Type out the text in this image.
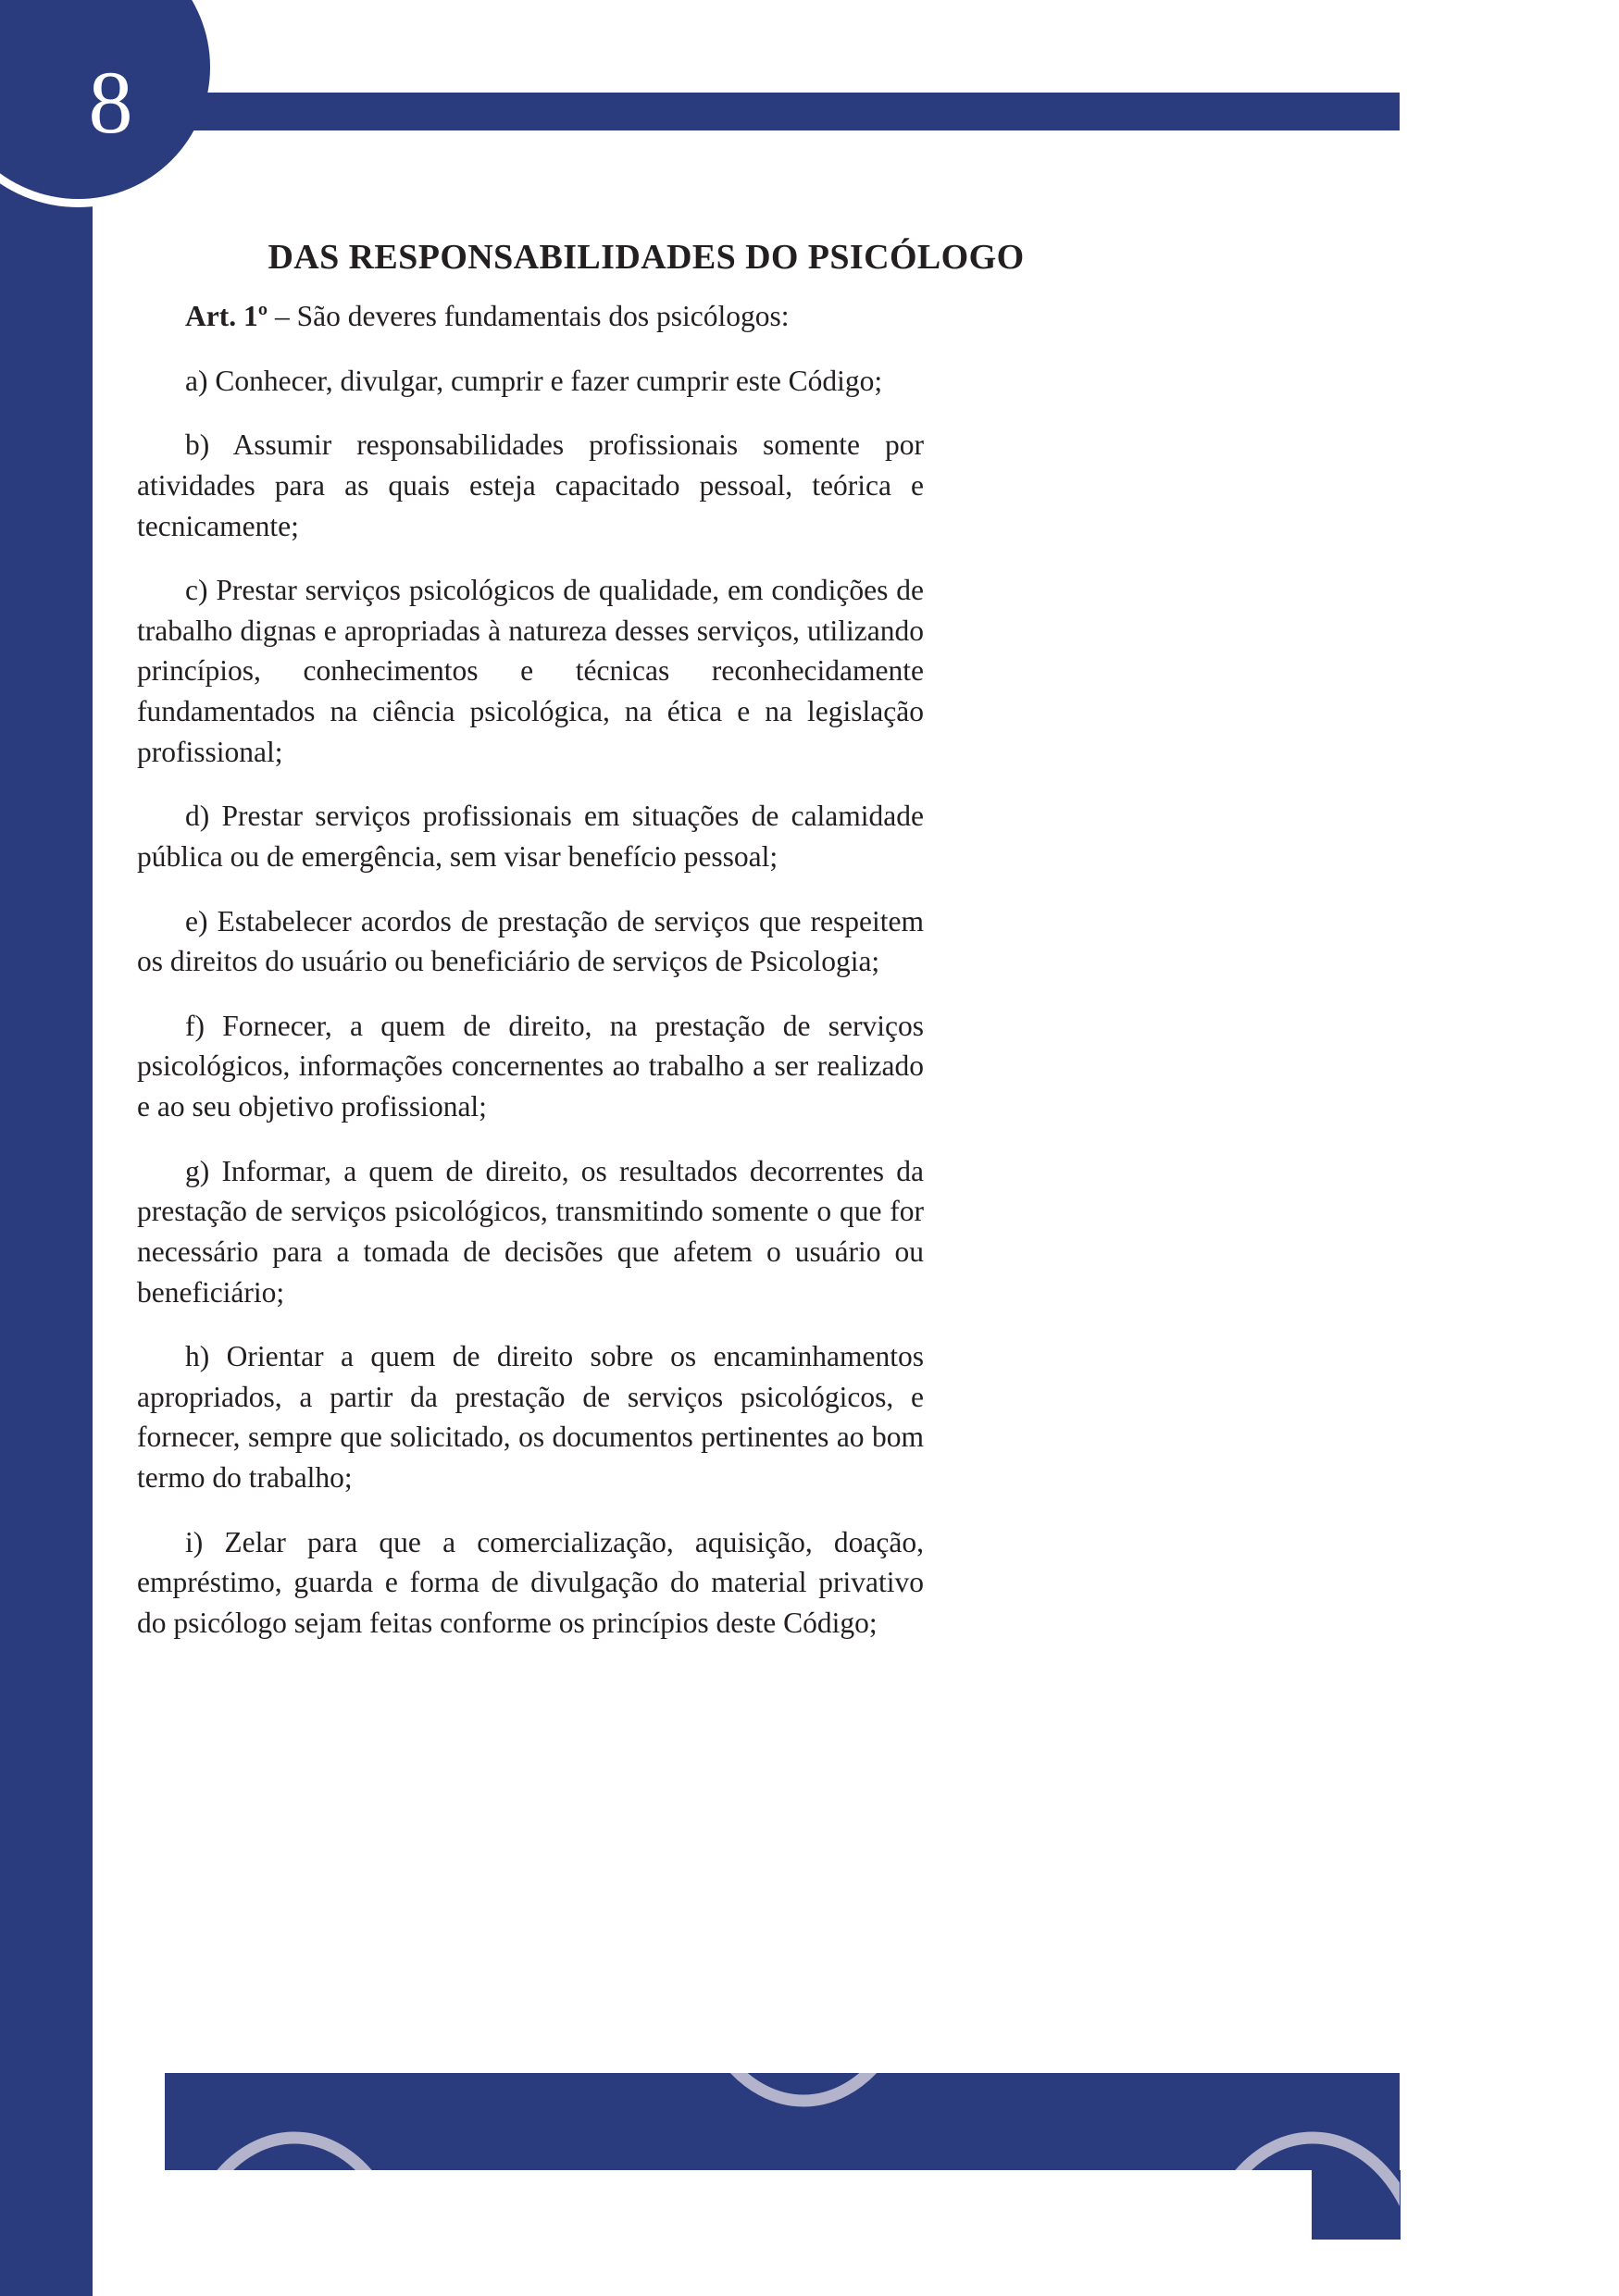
8
DAS RESPONSABILIDADES DO PSICÓLOGO

Art. 1º – São deveres fundamentais dos psicólogos:

a) Conhecer, divulgar, cumprir e fazer cumprir este Código;

b) Assumir responsabilidades profissionais somente por atividades para as quais esteja capacitado pessoal, teórica e tecnicamente;

c) Prestar serviços psicológicos de qualidade, em condições de trabalho dignas e apropriadas à natureza desses serviços, utilizando princípios, conhecimentos e técnicas reconhecidamente fundamentados na ciência psicológica, na ética e na legislação profissional;

d) Prestar serviços profissionais em situações de calamidade pública ou de emergência, sem visar benefício pessoal;

e) Estabelecer acordos de prestação de serviços que respeitem os direitos do usuário ou beneficiário de serviços de Psicologia;

f) Fornecer, a quem de direito, na prestação de serviços psicológicos, informações concernentes ao trabalho a ser realizado e ao seu objetivo profissional;

g) Informar, a quem de direito, os resultados decorrentes da prestação de serviços psicológicos, transmitindo somente o que for necessário para a tomada de decisões que afetem o usuário ou beneficiário;

h) Orientar a quem de direito sobre os encaminhamentos apropriados, a partir da prestação de serviços psicológicos, e fornecer, sempre que solicitado, os documentos pertinentes ao bom termo do trabalho;

i) Zelar para que a comercialização, aquisição, doação, empréstimo, guarda e forma de divulgação do material privativo do psicólogo sejam feitas conforme os princípios deste Código;
